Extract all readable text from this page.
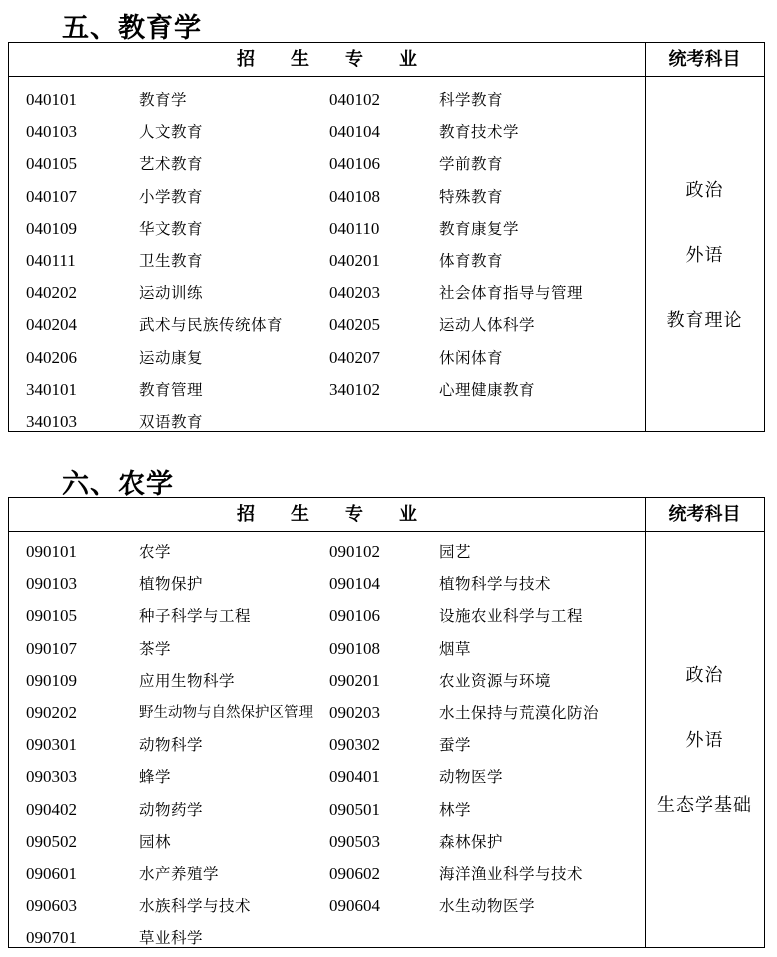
五、教育学
招　　生　　专　　业	统考科目
040101	教育学	040102	科学教育
040103	人文教育	040104	教育技术学
040105	艺术教育	040106	学前教育
040107	小学教育	040108	特殊教育
040109	华文教育	040110	教育康复学
040111	卫生教育	040201	体育教育
040202	运动训练	040203	社会体育指导与管理
040204	武术与民族传统体育	040205	运动人体科学
040206	运动康复	040207	休闲体育
340101	教育管理	340102	心理健康教育
340103	双语教育
政治
外语
教育理论
六、农学
招　　生　　专　　业	统考科目
090101	农学	090102	园艺
090103	植物保护	090104	植物科学与技术
090105	种子科学与工程	090106	设施农业科学与工程
090107	茶学	090108	烟草
090109	应用生物科学	090201	农业资源与环境
090202	野生动物与自然保护区管理 090203	水土保持与荒漠化防治
090301	动物科学	090302	蚕学
090303	蜂学	090401	动物医学
090402	动物药学	090501	林学
090502	园林	090503	森林保护
090601	水产养殖学	090602	海洋渔业科学与技术
090603	水族科学与技术	090604	水生动物医学
090701	草业科学
政治
外语
生态学基础
